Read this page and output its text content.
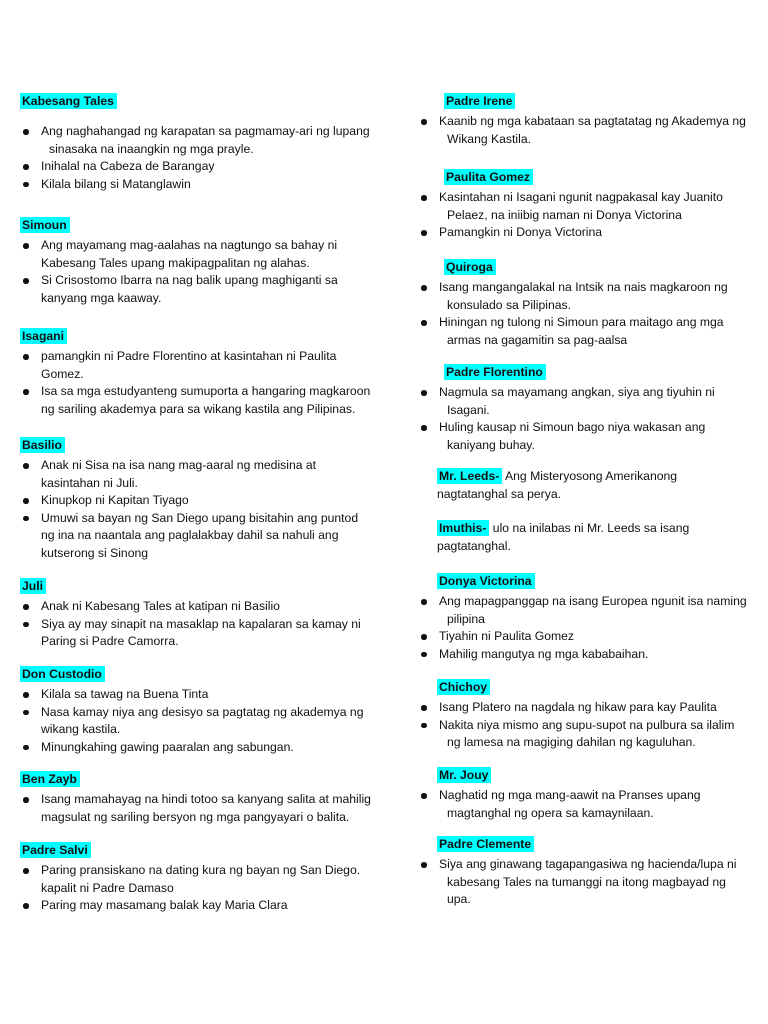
Kabesang Tales
Ang naghahangad ng karapatan sa pagmamay-ari ng lupang sinasaka na inaangkin ng mga prayle.
Inihalal na Cabeza de Barangay
Kilala bilang si Matanglawin
Simoun
Ang mayamang mag-aalahas na nagtungo sa bahay ni Kabesang Tales upang makipagpalitan ng alahas.
Si Crisostomo Ibarra na nag balik upang maghiganti sa kanyang mga kaaway.
Isagani
pamangkin ni Padre Florentino at kasintahan ni Paulita Gomez.
Isa sa mga estudyanteng sumuporta a hangaring magkaroon ng sariling akademya para sa wikang kastila ang Pilipinas.
Basilio
Anak ni Sisa na isa nang mag-aaral ng medisina at kasintahan ni Juli.
Kinupkop ni Kapitan Tiyago
Umuwi sa bayan ng San Diego upang bisitahin ang puntod ng ina na naantala ang paglalakbay dahil sa nahuli ang kutserong si Sinong
Juli
Anak ni Kabesang Tales at katipan ni Basilio
Siya ay may sinapit na masaklap na kapalaran sa kamay ni Paring si Padre Camorra.
Don Custodio
Kilala sa tawag na Buena Tinta
Nasa kamay niya ang desisyo sa pagtatag ng akademya ng wikang kastila.
Minungkahing gawing paaralan ang sabungan.
Ben Zayb
Isang mamahayag na hindi totoo sa kanyang salita at mahilig magsulat ng sariling bersyon ng mga pangyayari o balita.
Padre Salvi
Paring pransiskano na dating kura ng bayan ng San Diego. kapalit ni Padre Damaso
Paring may masamang balak kay Maria Clara
Padre Irene
Kaanib ng mga kabataan sa pagtatatag ng Akademya ng Wikang Kastila.
Paulita Gomez
Kasintahan ni Isagani ngunit nagpakasal kay Juanito Pelaez, na iniibig naman ni Donya Victorina
Pamangkin ni Donya Victorina
Quiroga
Isang mangangalakal na Intsik na nais magkaroon ng konsulado sa Pilipinas.
Hiningan ng tulong ni Simoun para maitago ang mga armas na gagamitin sa pag-aalsa
Padre Florentino
Nagmula sa mayamang angkan, siya ang tiyuhin ni Isagani.
Huling kausap ni Simoun bago niya wakasan ang kaniyang buhay.

Mr. Leeds- Ang Misteryosong Amerikanong nagtatanghal sa perya.

Imuthis- ulo na inilabas ni Mr. Leeds sa isang pagtatanghal.

Donya Victorina
Ang mapagpanggap na isang Europea ngunit isa naming pilipina
Tiyahin ni Paulita Gomez
Mahilig mangutya ng mga kababaihan.
Chichoy
Isang Platero na nagdala ng hikaw para kay Paulita
Nakita niya mismo ang supu-supot na pulbura sa ilalim ng lamesa na magiging dahilan ng kaguluhan.
Mr. Jouy
Naghatid ng mga mang-aawit na Pranses upang magtanghal ng opera sa kamaynilaan.
Padre Clemente
Siya ang ginawang tagapangasiwa ng hacienda/lupa ni kabesang Tales na tumanggi na itong magbayad ng upa.
